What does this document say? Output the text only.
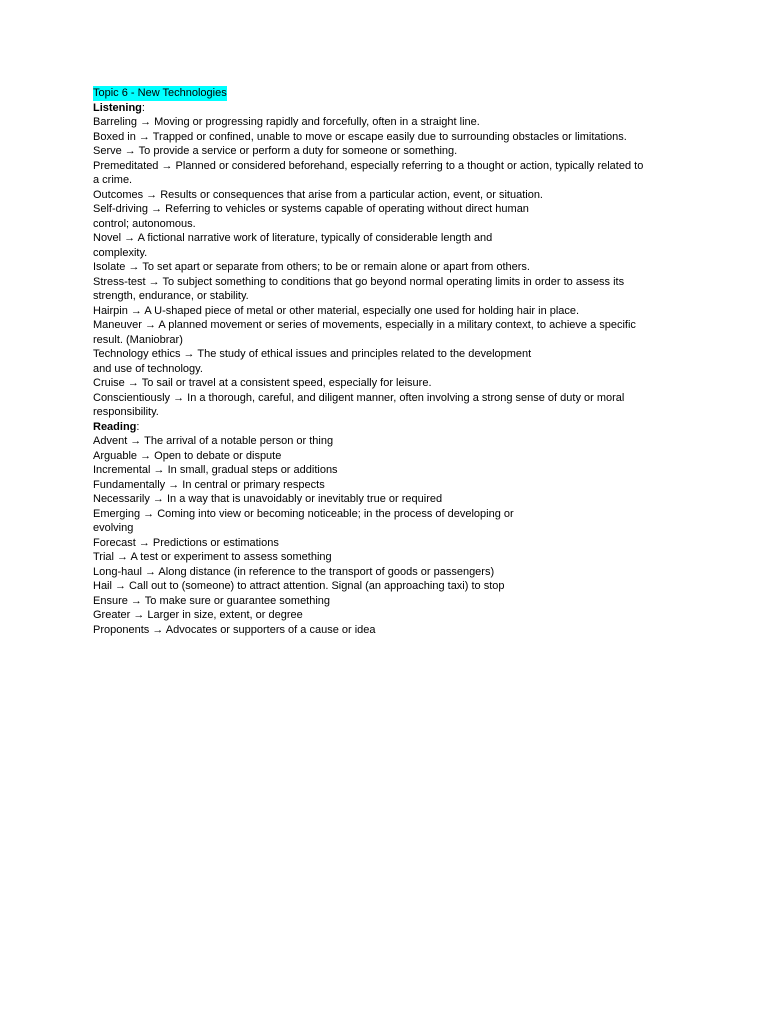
Topic 6 - New Technologies
Listening:
Barreling → Moving or progressing rapidly and forcefully, often in a straight line.
Boxed in → Trapped or confined, unable to move or escape easily due to surrounding obstacles or limitations.
Serve → To provide a service or perform a duty for someone or something.
Premeditated → Planned or considered beforehand, especially referring to a thought or action, typically related to
a crime.
Outcomes → Results or consequences that arise from a particular action, event, or situation.
Self-driving → Referring to vehicles or systems capable of operating without direct human
control; autonomous.
Novel → A fictional narrative work of literature, typically of considerable length and
complexity.
Isolate → To set apart or separate from others; to be or remain alone or apart from others.
Stress-test → To subject something to conditions that go beyond normal operating limits in order to assess its
strength, endurance, or stability.
Hairpin → A U-shaped piece of metal or other material, especially one used for holding hair in place.
Maneuver → A planned movement or series of movements, especially in a military context, to achieve a specific
result. (Maniobrar)
Technology ethics → The study of ethical issues and principles related to the development
and use of technology.
Cruise → To sail or travel at a consistent speed, especially for leisure.
Conscientiously → In a thorough, careful, and diligent manner, often involving a strong sense of duty or moral
responsibility.
Reading:
Advent → The arrival of a notable person or thing
Arguable → Open to debate or dispute
Incremental → In small, gradual steps or additions
Fundamentally → In central or primary respects
Necessarily → In a way that is unavoidably or inevitably true or required
Emerging → Coming into view or becoming noticeable; in the process of developing or
evolving
Forecast → Predictions or estimations
Trial → A test or experiment to assess something
Long-haul → Along distance (in reference to the transport of goods or passengers)
Hail → Call out to (someone) to attract attention. Signal (an approaching taxi) to stop
Ensure → To make sure or guarantee something
Greater → Larger in size, extent, or degree
Proponents → Advocates or supporters of a cause or idea
